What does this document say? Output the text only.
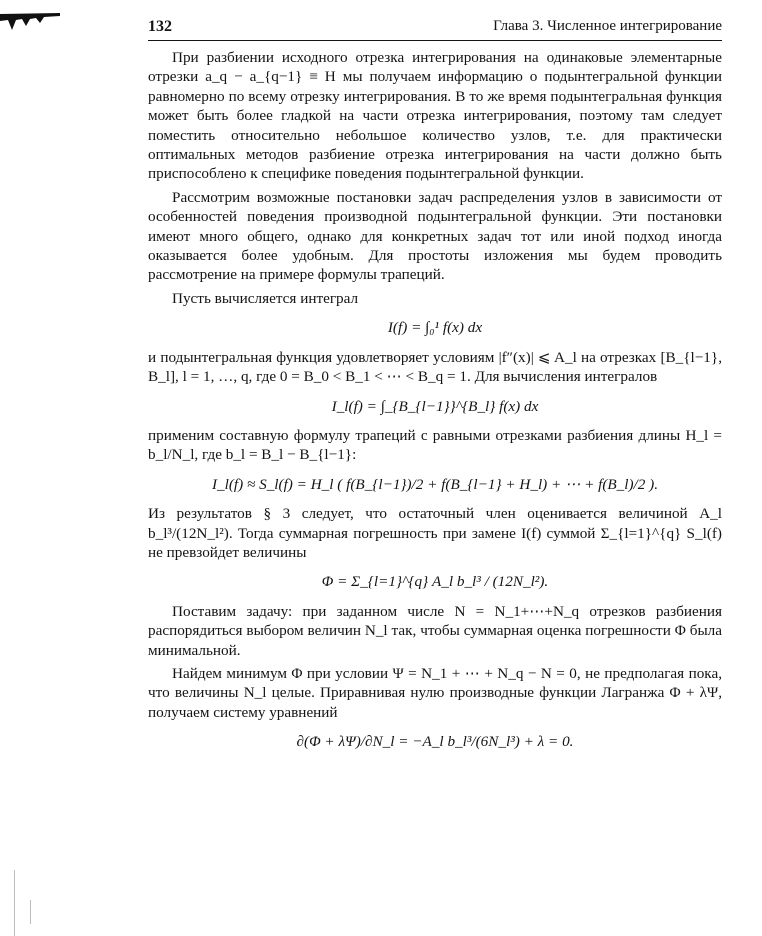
132	Глава 3. Численное интегрирование

При разбиении исходного отрезка интегрирования на одинаковые элементарные отрезки a_q − a_{q−1} ≡ H мы получаем информацию о подынтегральной функции равномерно по всему отрезку интегрирования. В то же время подынтегральная функция может быть более гладкой на части отрезка интегрирования, поэтому там следует поместить относительно небольшое количество узлов, т.е. для практически оптимальных методов разбиение отрезка интегрирования на части должно быть приспособлено к специфике поведения подынтегральной функции.

Рассмотрим возможные постановки задач распределения узлов в зависимости от особенностей поведения производной подынтегральной функции. Эти постановки имеют много общего, однако для конкретных задач тот или иной подход иногда оказывается более удобным. Для простоты изложения мы будем проводить рассмотрение на примере формулы трапеций.

Пусть вычисляется интеграл

I(f) = ∫₀¹ f(x) dx

и подынтегральная функция удовлетворяет условиям |f″(x)| ⩽ A_l на отрезках [B_{l−1}, B_l], l = 1, …, q, где 0 = B_0 < B_1 < ⋯ < B_q = 1. Для вычисления интегралов

I_l(f) = ∫_{B_{l−1}}^{B_l} f(x) dx

применим составную формулу трапеций с равными отрезками разбиения длины H_l = b_l/N_l, где b_l = B_l − B_{l−1}:

I_l(f) ≈ S_l(f) = H_l ( f(B_{l−1})/2 + f(B_{l−1} + H_l) + ⋯ + f(B_l)/2 ).

Из результатов § 3 следует, что остаточный член оценивается величиной A_l b_l³/(12N_l²). Тогда суммарная погрешность при замене I(f) суммой Σ_{l=1}^{q} S_l(f) не превзойдет величины

Φ = Σ_{l=1}^{q} A_l b_l³ / (12N_l²).

Поставим задачу: при заданном числе N = N_1+⋯+N_q отрезков разбиения распорядиться выбором величин N_l так, чтобы суммарная оценка погрешности Φ была минимальной.

Найдем минимум Φ при условии Ψ = N_1 + ⋯ + N_q − N = 0, не предполагая пока, что величины N_l целые. Приравнивая нулю производные функции Лагранжа Φ + λΨ, получаем систему уравнений

∂(Φ + λΨ)/∂N_l = −A_l b_l³/(6N_l³) + λ = 0.
